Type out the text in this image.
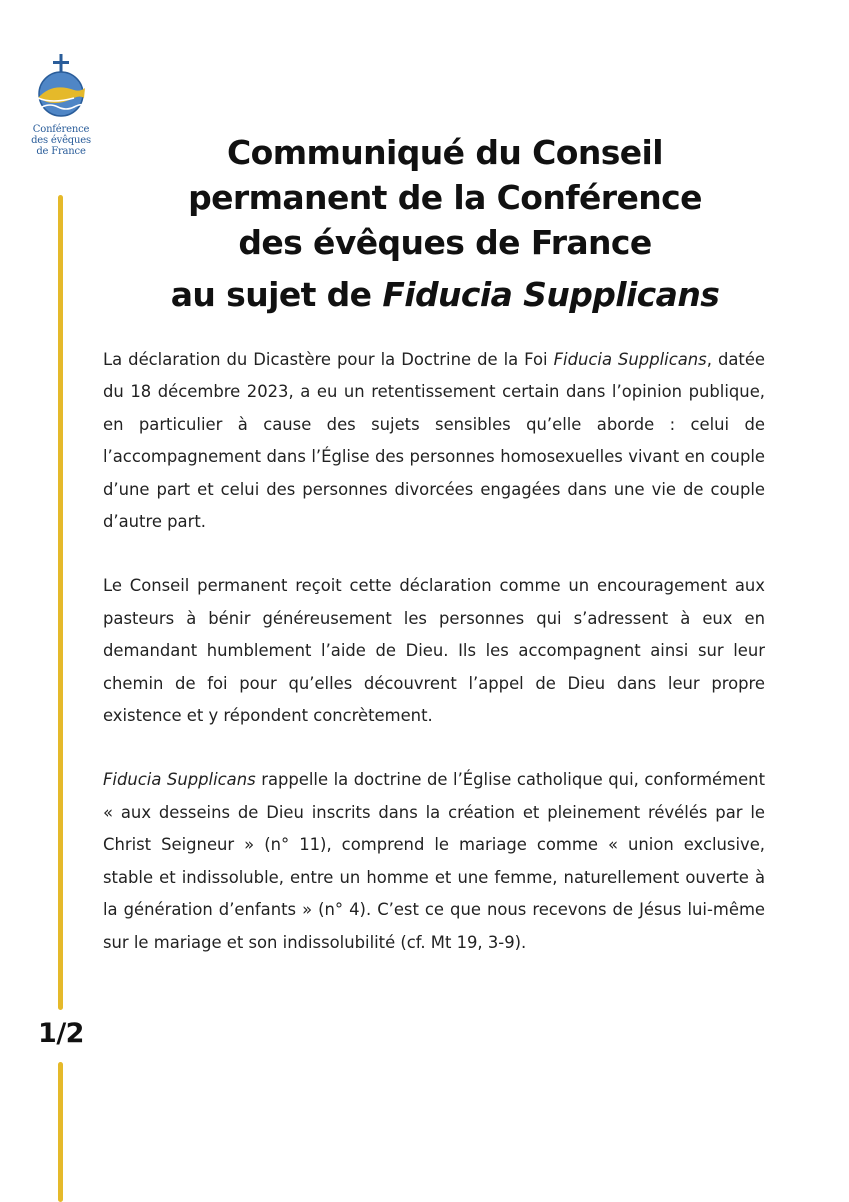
Conférence
des évêques
de France
1/2
Communiqué du Conseil
permanent de la Conférence
des évêques de France
au sujet de Fiducia Supplicans

La déclaration du Dicastère pour la Doctrine de la Foi Fiducia Supplicans, datée du 18 décembre 2023, a eu un retentissement certain dans l’opinion publique, en particulier à cause des sujets sensibles qu’elle aborde : celui de l’accompagnement dans l’Église des personnes homosexuelles vivant en couple d’une part et celui des personnes divorcées engagées dans une vie de couple d’autre part.

Le Conseil permanent reçoit cette déclaration comme un encouragement aux pasteurs à bénir généreusement les personnes qui s’adressent à eux en demandant humblement l’aide de Dieu. Ils les accompagnent ainsi sur leur chemin de foi pour qu’elles découvrent l’appel de Dieu dans leur propre existence et y répondent concrètement.

Fiducia Supplicans rappelle la doctrine de l’Église catholique qui, conformément « aux desseins de Dieu inscrits dans la création et pleinement révélés par le Christ Seigneur » (n° 11), comprend le mariage comme « union exclusive, stable et indissoluble, entre un homme et une femme, naturellement ouverte à la génération d’enfants » (n° 4). C’est ce que nous recevons de Jésus lui-même sur le mariage et son indissolubilité (cf. Mt 19, 3-9).
